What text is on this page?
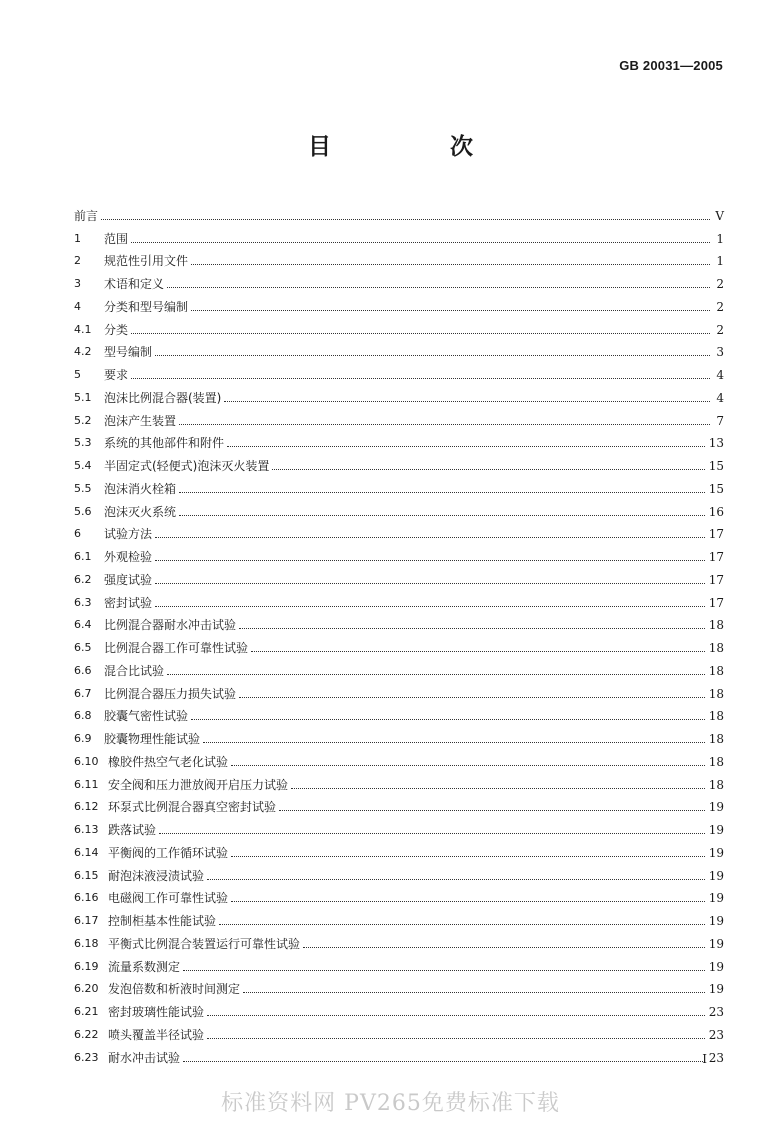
GB 20031—2005
目　次
前言	V
1	范围	1
2	规范性引用文件	1
3	术语和定义	2
4	分类和型号编制	2
4.1	分类	2
4.2	型号编制	3
5	要求	4
5.1	泡沫比例混合器(装置)	4
5.2	泡沫产生装置	7
5.3	系统的其他部件和附件	13
5.4	半固定式(轻便式)泡沫灭火装置	15
5.5	泡沫消火栓箱	15
5.6	泡沫灭火系统	16
6	试验方法	17
6.1	外观检验	17
6.2	强度试验	17
6.3	密封试验	17
6.4	比例混合器耐水冲击试验	18
6.5	比例混合器工作可靠性试验	18
6.6	混合比试验	18
6.7	比例混合器压力损失试验	18
6.8	胶囊气密性试验	18
6.9	胶囊物理性能试验	18
6.10 橡胶件热空气老化试验	18
6.11 安全阀和压力泄放阀开启压力试验	18
6.12 环泵式比例混合器真空密封试验	19
6.13 跌落试验	19
6.14 平衡阀的工作循环试验	19
6.15 耐泡沫液浸渍试验	19
6.16 电磁阀工作可靠性试验	19
6.17 控制柜基本性能试验	19
6.18 平衡式比例混合装置运行可靠性试验	19
6.19 流量系数测定	19
6.20 发泡倍数和析液时间测定	19
6.21 密封玻璃性能试验	23
6.22 喷头覆盖半径试验	23
6.23 耐水冲击试验	23
I
标准资料网 PV265免费标准下载
